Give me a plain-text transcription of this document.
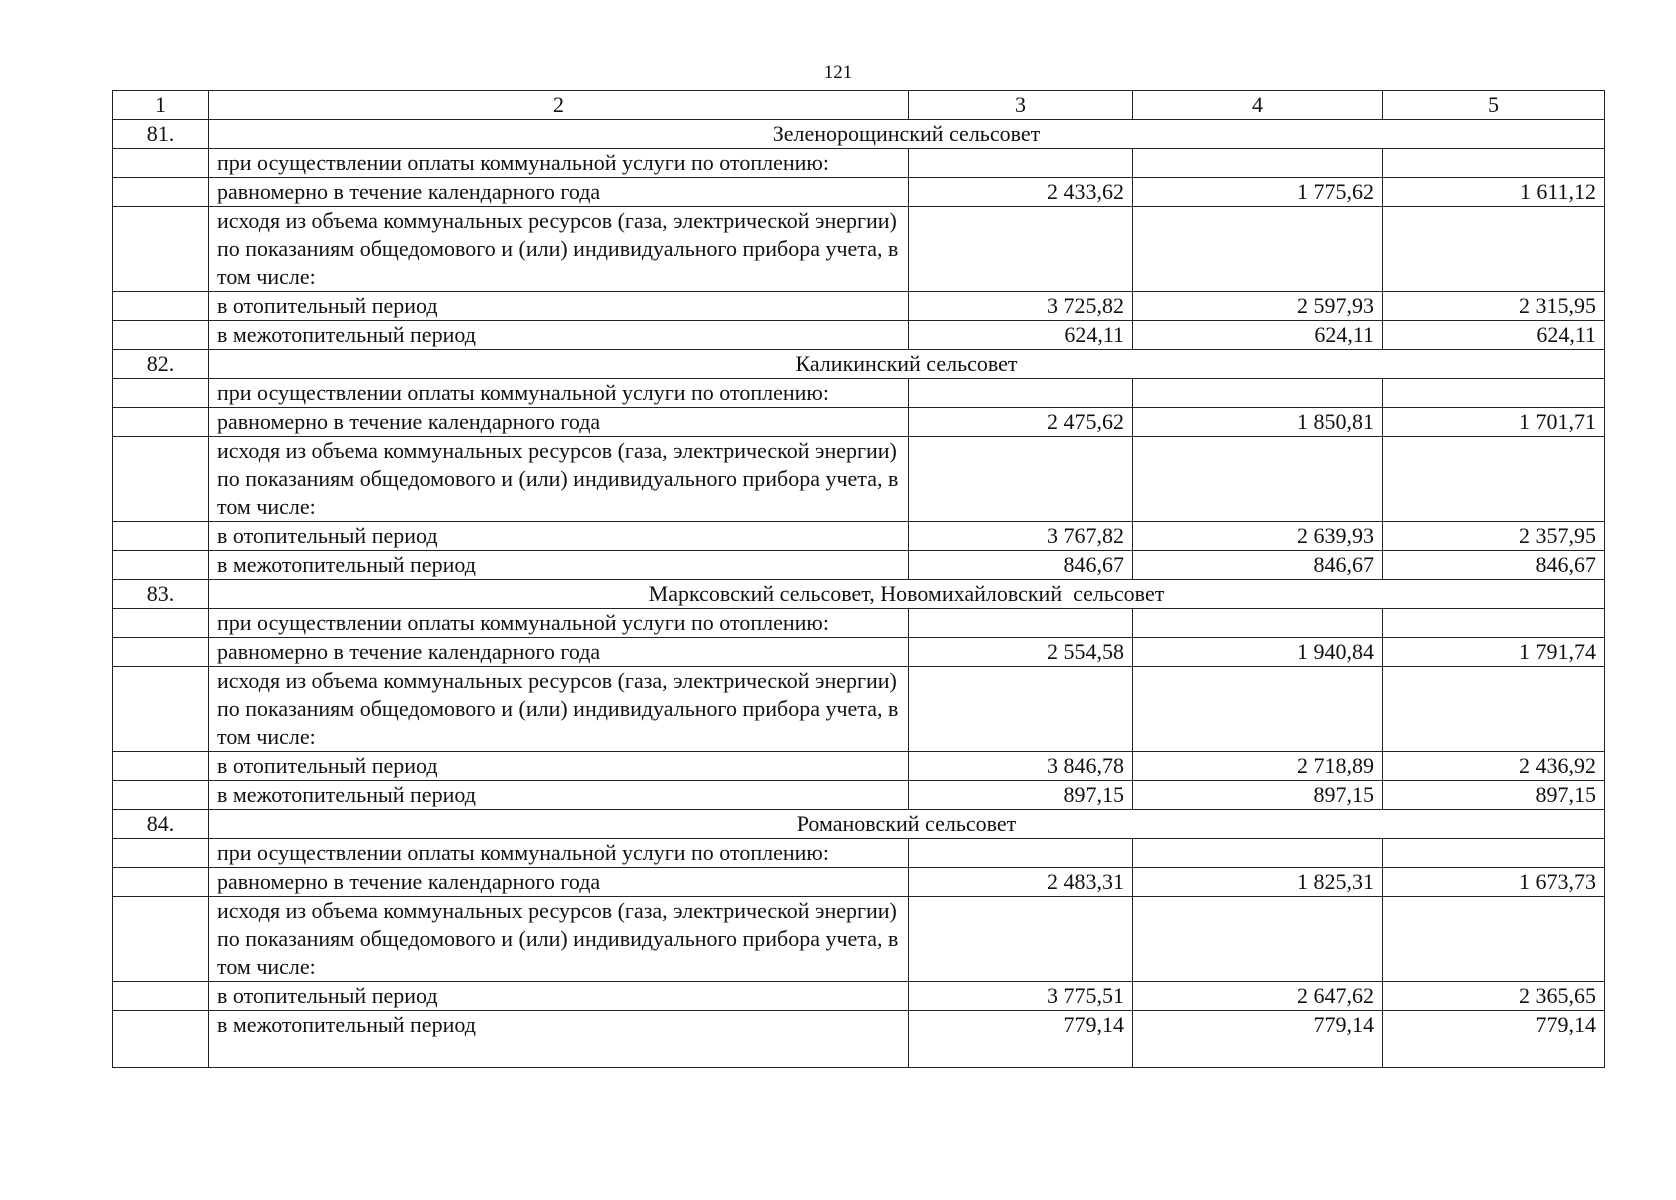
121
1	2	3	4	5
81.	Зеленорощинский сельсовет			
	при осуществлении оплаты коммунальной услуги по отоплению:			
	равномерно в течение календарного года	2 433,62	1 775,62	1 611,12
	исходя из объема коммунальных ресурсов (газа, электрической энергии) по показаниям общедомового и (или) индивидуального прибора учета, в том числе:			
	в отопительный период	3 725,82	2 597,93	2 315,95
	в межотопительный период	624,11	624,11	624,11
82.	Каликинский сельсовет			
	при осуществлении оплаты коммунальной услуги по отоплению:			
	равномерно в течение календарного года	2 475,62	1 850,81	1 701,71
	исходя из объема коммунальных ресурсов (газа, электрической энергии) по показаниям общедомового и (или) индивидуального прибора учета, в том числе:			
	в отопительный период	3 767,82	2 639,93	2 357,95
	в межотопительный период	846,67	846,67	846,67
83.	Марксовский сельсовет, Новомихайловский  сельсовет			
	при осуществлении оплаты коммунальной услуги по отоплению:			
	равномерно в течение календарного года	2 554,58	1 940,84	1 791,74
	исходя из объема коммунальных ресурсов (газа, электрической энергии) по показаниям общедомового и (или) индивидуального прибора учета, в том числе:			
	в отопительный период	3 846,78	2 718,89	2 436,92
	в межотопительный период	897,15	897,15	897,15
84.	Романовский сельсовет			
	при осуществлении оплаты коммунальной услуги по отоплению:			
	равномерно в течение календарного года	2 483,31	1 825,31	1 673,73
	исходя из объема коммунальных ресурсов (газа, электрической энергии) по показаниям общедомового и (или) индивидуального прибора учета, в том числе:			
	в отопительный период	3 775,51	2 647,62	2 365,65
	в межотопительный период	779,14	779,14	779,14
